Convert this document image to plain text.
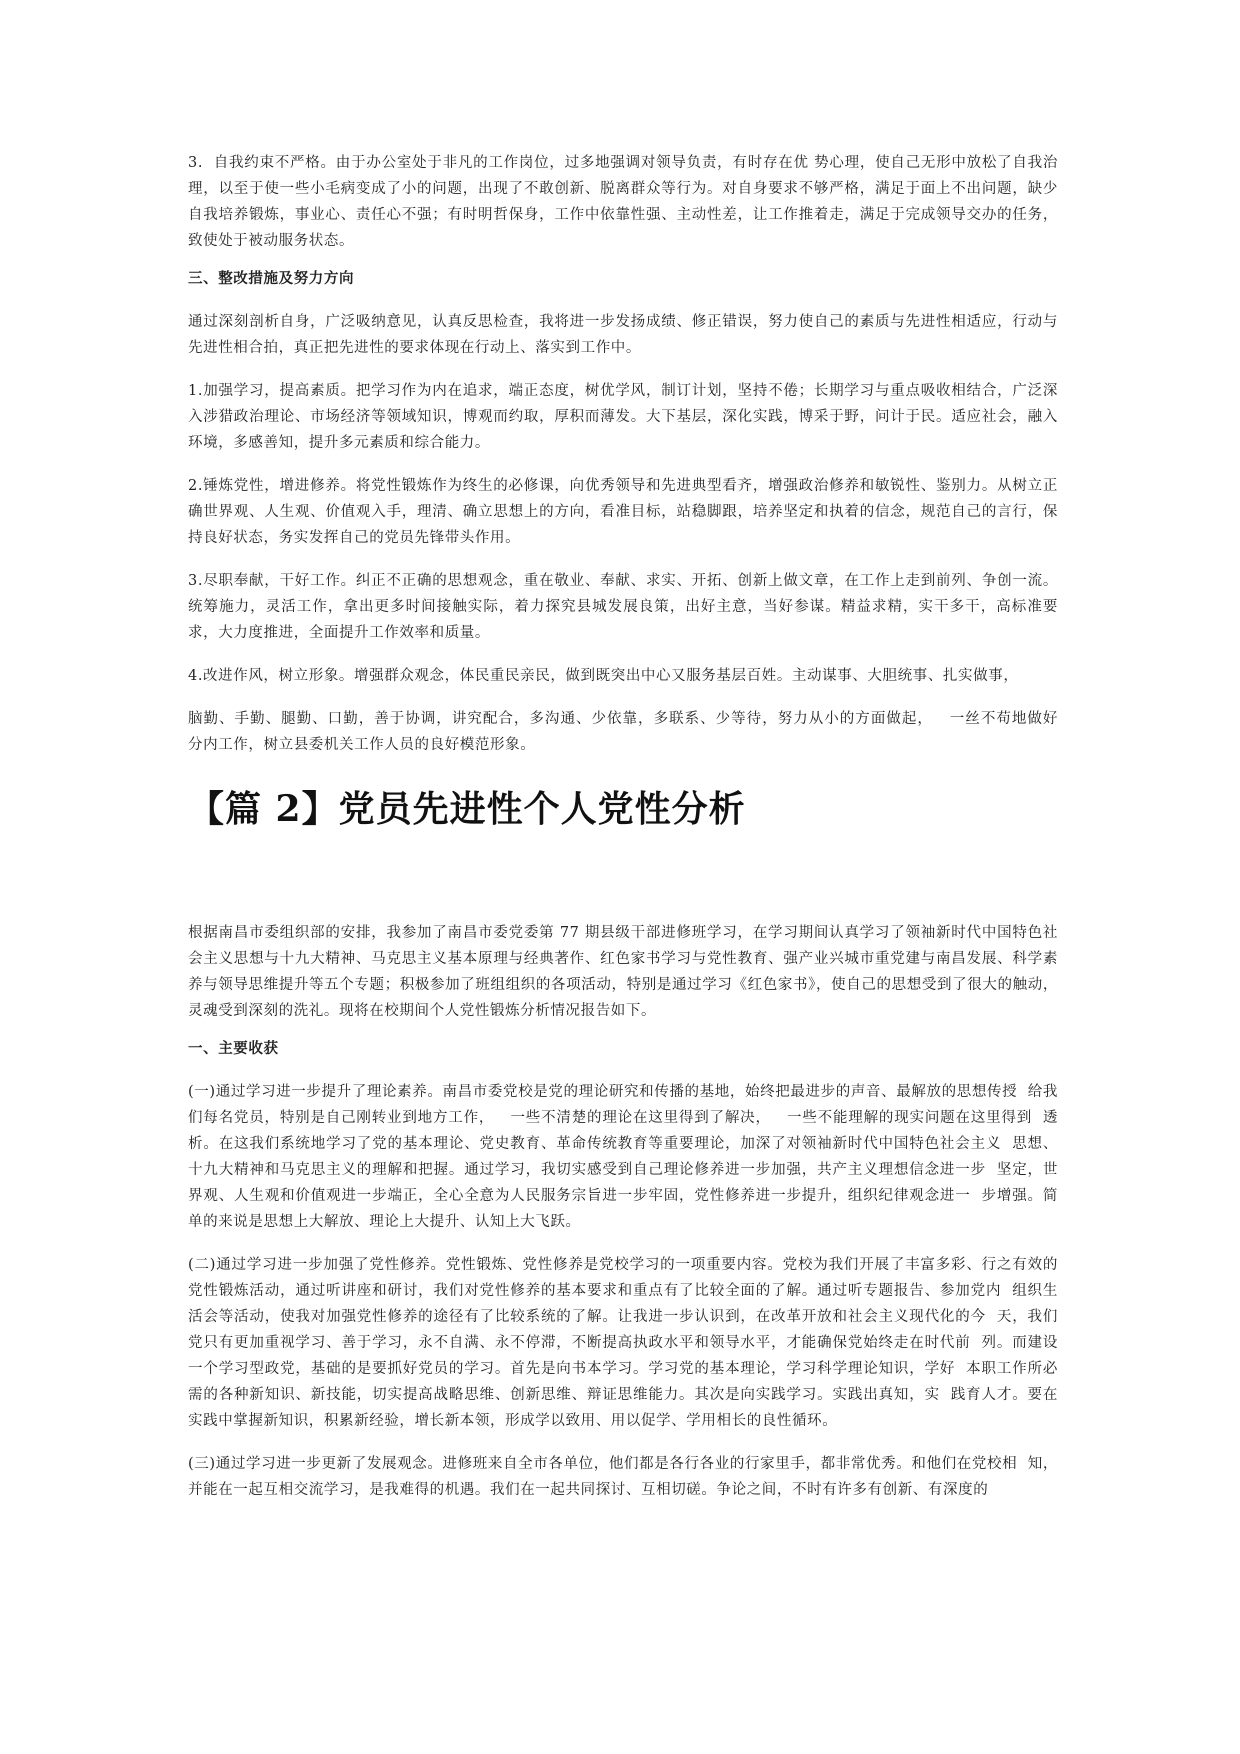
3.  自我约束不严格。由于办公室处于非凡的工作岗位，过多地强调对领导负责，有时存在优 势心理，使自己无形中放松了自我治理，以至于使一些小毛病变成了小的问题，出现了不敢创新、脱离群众等行为。对自身要求不够严格，满足于面上不出问题，缺少自我培养锻炼，事业心、责任心不强；有时明哲保身，工作中依靠性强、主动性差，让工作推着走，满足于完成领导交办的任务，致使处于被动服务状态。

三、整改措施及努力方向

通过深刻剖析自身，广泛吸纳意见，认真反思检查，我将进一步发扬成绩、修正错误，努力使自己的素质与先进性相适应，行动与先进性相合拍，真正把先进性的要求体现在行动上、落实到工作中。

1.加强学习，提高素质。把学习作为内在追求，端正态度，树优学风，制订计划，坚持不倦；长期学习与重点吸收相结合，广泛深入涉猎政治理论、市场经济等领域知识，博观而约取，厚积而薄发。大下基层，深化实践，博采于野，问计于民。适应社会，融入环境，多感善知，提升多元素质和综合能力。

2.锤炼党性，增进修养。将党性锻炼作为终生的必修课，向优秀领导和先进典型看齐，增强政治修养和敏锐性、鉴别力。从树立正确世界观、人生观、价值观入手，理清、确立思想上的方向，看准目标，站稳脚跟，培养坚定和执着的信念，规范自己的言行，保持良好状态，务实发挥自己的党员先锋带头作用。

3.尽职奉献，干好工作。纠正不正确的思想观念，重在敬业、奉献、求实、开拓、创新上做文章，在工作上走到前列、争创一流。统筹施力，灵活工作，拿出更多时间接触实际，着力探究县城发展良策，出好主意，当好参谋。精益求精，实干多干，高标准要求，大力度推进，全面提升工作效率和质量。

4.改进作风，树立形象。增强群众观念，体民重民亲民，做到既突出中心又服务基层百姓。主动谋事、大胆统事、扎实做事，

脑勤、手勤、腿勤、口勤，善于协调，讲究配合，多沟通、少依靠，多联系、少等待，努力从小的方面做起，   一丝不苟地做好  分内工作，树立县委机关工作人员的良好模范形象。

【篇 2】党员先进性个人党性分析

根据南昌市委组织部的安排，我参加了南昌市委党委第 77 期县级干部进修班学习，在学习期间认真学习了领袖新时代中国特色社会主义思想与十九大精神、马克思主义基本原理与经典著作、红色家书学习与党性教育、强产业兴城市重党建与南昌发展、科学素养与领导思维提升等五个专题；积极参加了班组组织的各项活动，特别是通过学习《红色家书》，使自己的思想受到了很大的触动，灵魂受到深刻的洗礼。现将在校期间个人党性锻炼分析情况报告如下。

一、主要收获

(一)通过学习进一步提升了理论素养。南昌市委党校是党的理论研究和传播的基地，始终把最进步的声音、最解放的思想传授  给我们每名党员，特别是自己刚转业到地方工作，   一些不清楚的理论在这里得到了解决，   一些不能理解的现实问题在这里得到  透析。在这我们系统地学习了党的基本理论、党史教育、革命传统教育等重要理论，加深了对领袖新时代中国特色社会主义  思想、十九大精神和马克思主义的理解和把握。通过学习，我切实感受到自己理论修养进一步加强，共产主义理想信念进一步  坚定，世界观、人生观和价值观进一步端正，全心全意为人民服务宗旨进一步牢固，党性修养进一步提升，组织纪律观念进一  步增强。简单的来说是思想上大解放、理论上大提升、认知上大飞跃。

(二)通过学习进一步加强了党性修养。党性锻炼、党性修养是党校学习的一项重要内容。党校为我们开展了丰富多彩、行之有效的党性锻炼活动，通过听讲座和研讨，我们对党性修养的基本要求和重点有了比较全面的了解。通过听专题报告、参加党内  组织生活会等活动，使我对加强党性修养的途径有了比较系统的了解。让我进一步认识到，在改革开放和社会主义现代化的今  天，我们党只有更加重视学习、善于学习，永不自满、永不停滞，不断提高执政水平和领导水平，才能确保党始终走在时代前  列。而建设一个学习型政党，基础的是要抓好党员的学习。首先是向书本学习。学习党的基本理论，学习科学理论知识，学好  本职工作所必需的各种新知识、新技能，切实提高战略思维、创新思维、辩证思维能力。其次是向实践学习。实践出真知，实  践育人才。要在实践中掌握新知识，积累新经验，增长新本领，形成学以致用、用以促学、学用相长的良性循环。

(三)通过学习进一步更新了发展观念。进修班来自全市各单位，他们都是各行各业的行家里手，都非常优秀。和他们在党校相  知，并能在一起互相交流学习，是我难得的机遇。我们在一起共同探讨、互相切磋。争论之间，不时有许多有创新、有深度的
